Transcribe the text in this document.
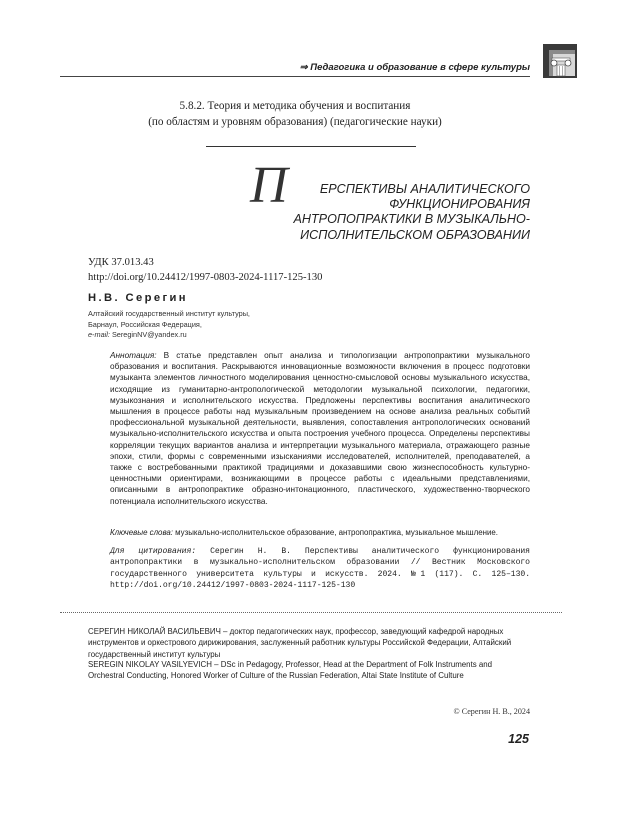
⇒ Педагогика и образование в сфере культуры
5.8.2. Теория и методика обучения и воспитания
(по областям и уровням образования) (педагогические науки)
П	ЕРСПЕКТИВЫ АНАЛИТИЧЕСКОГО
ФУНКЦИОНИРОВАНИЯ
АНТРОПОПРАКТИКИ В МУЗЫКАЛЬНО-
ИСПОЛНИТЕЛЬСКОМ ОБРАЗОВАНИИ
УДК 37.013.43
http://doi.org/10.24412/1997-0803-2024-1117-125-130
Н.В. Серегин
Алтайский государственный институт культуры,
Барнаул, Российская Федерация,
e-mail: SereginNV@yandex.ru
Аннотация: В статье представлен опыт анализа и типологизации антропопрактики музыкального образования и воспитания. Раскрываются инновационные возможности включения в процесс подготовки музыканта элементов личностного моделирования ценностно-смысловой основы музыкального искусства, исходящие из гуманитарно-антропологической методологии музыкальной психологии, педагогики, музыкознания и исполнительского искусства. Предложены перспективы воспитания аналитического мышления в процессе работы над музыкальным произведением на основе анализа реальных событий профессиональной музыкальной деятельности, выявления, сопоставления антропологических оснований музыкально-исполнительского искусства и опыта построения учебного процесса. Определены перспективы корреляции текущих вариантов анализа и интерпретации музыкального материала, отражающего разные эпохи, стили, формы с современными изысканиями исследователей, исполнителей, преподавателей, а также с востребованными практикой традициями и доказавшими свою жизнеспособность культурно-ценностными ориентирами, возникающими в процессе работы с идеальными представлениями, описанными в антропопрактике образно-интонационного, пластического, художественно-творческого потенциала исполнительского искусства.
Ключевые слова: музыкально-исполнительское образование, антропопрактика, музыкальное мышление.
Для цитирования: Серегин Н. В. Перспективы аналитического функционирования антропопрактики в музыкально-исполнительском образовании // Вестник Московского государственного университета культуры и искусств. 2024. №1 (117). С. 125–130. http://doi.org/10.24412/1997-0803-2024-1117-125-130
СЕРЕГИН НИКОЛАЙ ВАСИЛЬЕВИЧ – доктор педагогических наук, профессор, заведующий кафедрой народных инструментов и оркестрового дирижирования, заслуженный работник культуры Российской Федерации, Алтайский государственный институт культуры
SEREGIN NIKOLAY VASILYEVICH – DSc in Pedagogy, Professor, Head at the Department of Folk Instruments and Orchestral Conducting, Honored Worker of Culture of the Russian Federation, Altai State Institute of Culture
© Серегин Н. В., 2024
125
